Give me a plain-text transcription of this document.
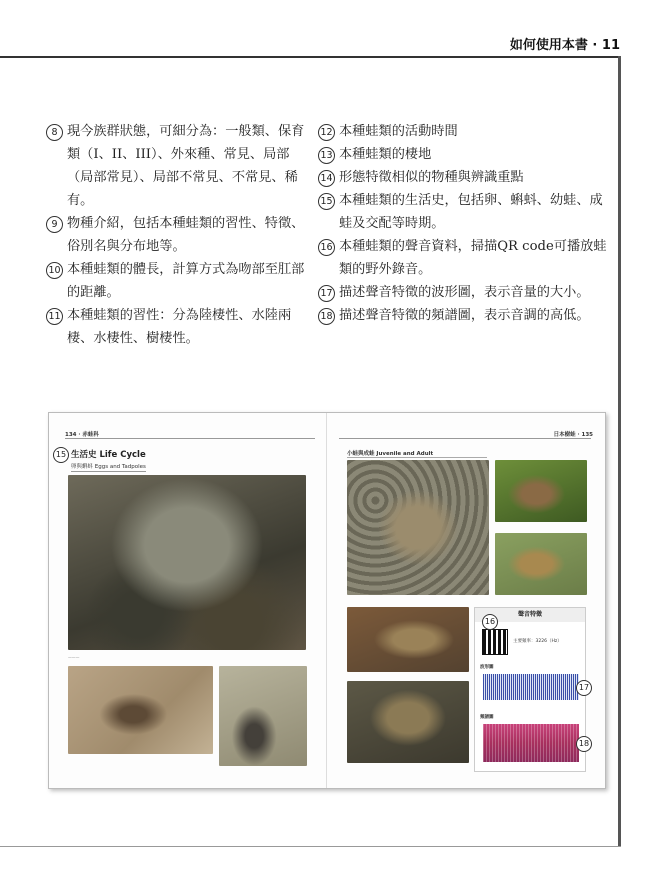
如何使用本書 · 11
8 現今族群狀態，可細分為：一般類、保育類（I、II、III）、外來種、常見、局部（局部常見）、局部不常見、不常見、稀有。
9 物種介紹，包括本種蛙類的習性、特徵、俗別名與分布地等。
10 本種蛙類的體長，計算方式為吻部至肛部的距離。
11 本種蛙類的習性：分為陸棲性、水陸兩棲、水棲性、樹棲性。
12 本種蛙類的活動時間
13 本種蛙類的棲地
14 形態特徵相似的物種與辨識重點
15 本種蛙類的生活史，包括卵、蝌蚪、幼蛙、成蛙及交配等時期。
16 本種蛙類的聲音資料，掃描QR code可播放蛙類的野外錄音。
17 描述聲音特徵的波形圖，表示音量的大小。
18 描述聲音特徵的頻譜圖，表示音調的高低。
134 · 赤蛙科	日本樹蛙 · 135
15 生活史 Life Cycle
卵與蝌蚪 Eggs and Tadpoles
———
小蛙與成蛙 Juvenile and Adult
聲音特徵
主要頻率：3226（Hz）
波形圖
頻譜圖
16
17
18
